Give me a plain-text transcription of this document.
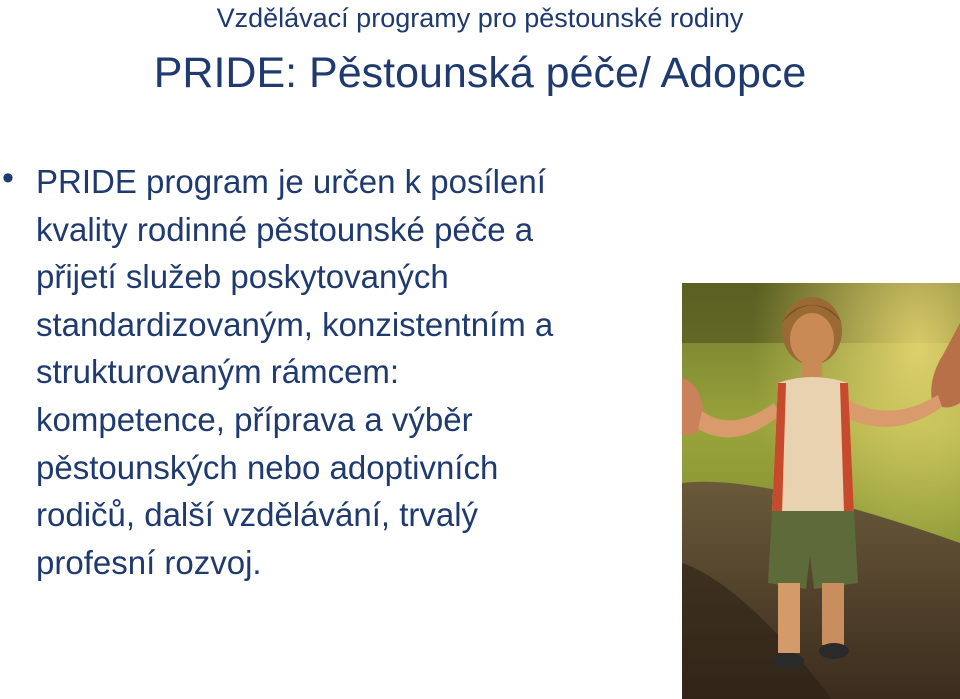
Vzdělávací programy pro pěstounské rodiny
PRIDE: Pěstounská péče/ Adopce
• PRIDE program je určen k posílení
kvality rodinné pěstounské péče a
přijetí služeb poskytovaných
standardizovaným, konzistentním a
strukturovaným rámcem:
kompetence, příprava a výběr
pěstounských nebo adoptivních
rodičů, další vzdělávání, trvalý
profesní rozvoj.
